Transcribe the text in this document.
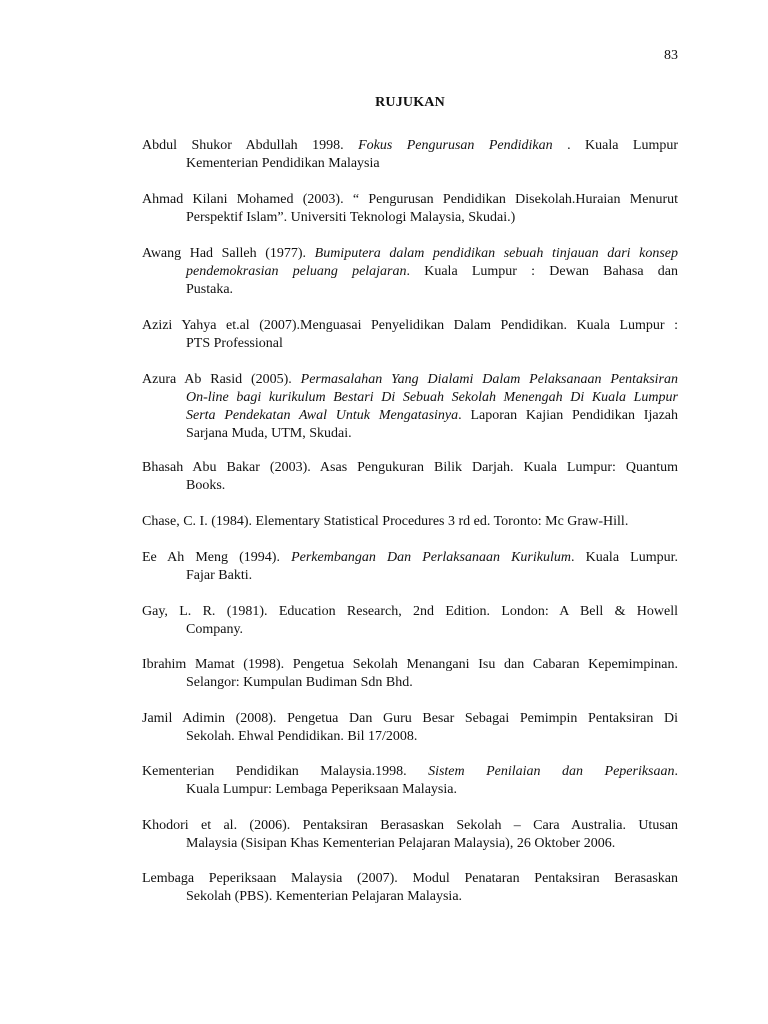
83
RUJUKAN
Abdul Shukor Abdullah 1998. Fokus Pengurusan Pendidikan . Kuala Lumpur
Kementerian Pendidikan Malaysia
Ahmad Kilani Mohamed (2003). “ Pengurusan Pendidikan Disekolah.Huraian Menurut
Perspektif Islam”. Universiti Teknologi Malaysia, Skudai.)
Awang Had Salleh (1977). Bumiputera dalam pendidikan sebuah tinjauan dari konsep
pendemokrasian peluang pelajaran. Kuala Lumpur : Dewan Bahasa dan
Pustaka.
Azizi Yahya et.al (2007).Menguasai Penyelidikan Dalam Pendidikan. Kuala Lumpur :
PTS Professional
Azura Ab Rasid (2005). Permasalahan Yang Dialami Dalam Pelaksanaan Pentaksiran
On-line bagi kurikulum Bestari Di Sebuah Sekolah Menengah Di Kuala Lumpur
Serta Pendekatan Awal Untuk Mengatasinya. Laporan Kajian Pendidikan Ijazah
Sarjana Muda, UTM, Skudai.
Bhasah Abu Bakar (2003). Asas Pengukuran Bilik Darjah. Kuala Lumpur: Quantum
Books.
Chase, C. I. (1984). Elementary Statistical Procedures 3 rd ed. Toronto: Mc Graw-Hill.
Ee Ah Meng (1994). Perkembangan Dan Perlaksanaan Kurikulum. Kuala Lumpur.
Fajar Bakti.
Gay, L. R. (1981). Education Research, 2nd Edition. London: A Bell & Howell
Company.
Ibrahim Mamat (1998). Pengetua Sekolah Menangani Isu dan Cabaran Kepemimpinan.
Selangor: Kumpulan Budiman Sdn Bhd.
Jamil Adimin (2008). Pengetua Dan Guru Besar Sebagai Pemimpin Pentaksiran Di
Sekolah. Ehwal Pendidikan. Bil 17/2008.
Kementerian Pendidikan Malaysia.1998. Sistem Penilaian dan Peperiksaan.
Kuala Lumpur: Lembaga Peperiksaan Malaysia.
Khodori et al. (2006). Pentaksiran Berasaskan Sekolah – Cara Australia. Utusan
Malaysia (Sisipan Khas Kementerian Pelajaran Malaysia), 26 Oktober 2006.
Lembaga Peperiksaan Malaysia (2007). Modul Penataran Pentaksiran Berasaskan
Sekolah (PBS). Kementerian Pelajaran Malaysia.
